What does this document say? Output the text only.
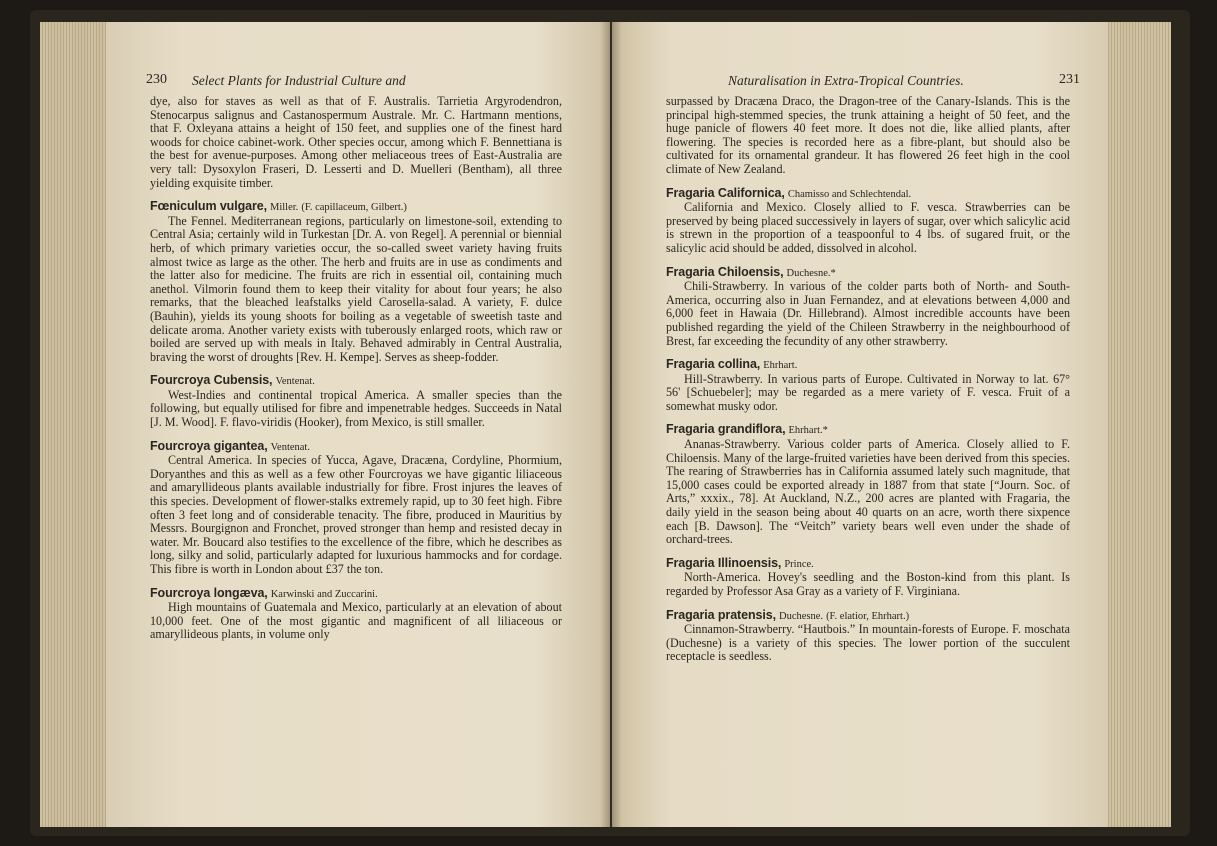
230 Select Plants for Industrial Culture and

dye, also for staves as well as that of F. Australis. Tarrietia Argyrodendron, Stenocarpus salignus and Castanospermum Australe. Mr. C. Hartmann mentions, that F. Oxleyana attains a height of 150 feet, and supplies one of the finest hard woods for choice cabinet-work. Other species occur, among which F. Bennettiana is the best for avenue-purposes. Among other meliaceous trees of East-Australia are very tall: Dysoxylon Fraseri, D. Lesserti and D. Muelleri (Bentham), all three yielding exquisite timber.

Fœniculum vulgare, Miller. (F. capillaceum, Gilbert.)

The Fennel. Mediterranean regions, particularly on limestone-soil, extending to Central Asia; certainly wild in Turkestan [Dr. A. von Regel]. A perennial or biennial herb, of which primary varieties occur, the so-called sweet variety having fruits almost twice as large as the other. The herb and fruits are in use as condiments and the latter also for medicine. The fruits are rich in essential oil, containing much anethol. Vilmorin found them to keep their vitality for about four years; he also remarks, that the bleached leafstalks yield Carosella-salad. A variety, F. dulce (Bauhin), yields its young shoots for boiling as a vegetable of sweetish taste and delicate aroma. Another variety exists with tuberously enlarged roots, which raw or boiled are served up with meals in Italy. Behaved admirably in Central Australia, braving the worst of droughts [Rev. H. Kempe]. Serves as sheep-fodder.

Fourcroya Cubensis, Ventenat.

West-Indies and continental tropical America. A smaller species than the following, but equally utilised for fibre and impenetrable hedges. Succeeds in Natal [J. M. Wood]. F. flavo-viridis (Hooker), from Mexico, is still smaller.

Fourcroya gigantea, Ventenat.

Central America. In species of Yucca, Agave, Dracæna, Cordyline, Phormium, Doryanthes and this as well as a few other Fourcroyas we have gigantic liliaceous and amaryllideous plants available industrially for fibre. Frost injures the leaves of this species. Development of flower-stalks extremely rapid, up to 30 feet high. Fibre often 3 feet long and of considerable tenacity. The fibre, produced in Mauritius by Messrs. Bourgignon and Fronchet, proved stronger than hemp and resisted decay in water. Mr. Boucard also testifies to the excellence of the fibre, which he describes as long, silky and solid, particularly adapted for luxurious hammocks and for cordage. This fibre is worth in London about £37 the ton.

Fourcroya longæva, Karwinski and Zuccarini.

High mountains of Guatemala and Mexico, particularly at an elevation of about 10,000 feet. One of the most gigantic and magnificent of all liliaceous or amaryllideous plants, in volume only

Naturalisation in Extra-Tropical Countries.	231

surpassed by Dracæna Draco, the Dragon-tree of the Canary-Islands. This is the principal high-stemmed species, the trunk attaining a height of 50 feet, and the huge panicle of flowers 40 feet more. It does not die, like allied plants, after flowering. The species is recorded here as a fibre-plant, but should also be cultivated for its ornamental grandeur. It has flowered 26 feet high in the cool climate of New Zealand.

Fragaria Californica, Chamisso and Schlechtendal.

California and Mexico. Closely allied to F. vesca. Strawberries can be preserved by being placed successively in layers of sugar, over which salicylic acid is strewn in the proportion of a teaspoonful to 4 lbs. of sugared fruit, or the salicylic acid should be added, dissolved in alcohol.

Fragaria Chiloensis, Duchesne.*

Chili-Strawberry. In various of the colder parts both of North- and South-America, occurring also in Juan Fernandez, and at elevations between 4,000 and 6,000 feet in Hawaia (Dr. Hillebrand). Almost incredible accounts have been published regarding the yield of the Chileen Strawberry in the neighbourhood of Brest, far exceeding the fecundity of any other strawberry.

Fragaria collina, Ehrhart.

Hill-Strawberry. In various parts of Europe. Cultivated in Norway to lat. 67° 56' [Schuebeler]; may be regarded as a mere variety of F. vesca. Fruit of a somewhat musky odor.

Fragaria grandiflora, Ehrhart.*

Ananas-Strawberry. Various colder parts of America. Closely allied to F. Chiloensis. Many of the large-fruited varieties have been derived from this species. The rearing of Strawberries has in California assumed lately such magnitude, that 15,000 cases could be exported already in 1887 from that state [“Journ. Soc. of Arts,” xxxix., 78]. At Auckland, N.Z., 200 acres are planted with Fragaria, the daily yield in the season being about 40 quarts on an acre, worth there sixpence each [B. Dawson]. The “Veitch” variety bears well even under the shade of orchard-trees.

Fragaria Illinoensis, Prince.

North-America. Hovey's seedling and the Boston-kind from this plant. Is regarded by Professor Asa Gray as a variety of F. Virginiana.

Fragaria pratensis, Duchesne. (F. elatior, Ehrhart.)

Cinnamon-Strawberry. “Hautbois.” In mountain-forests of Europe. F. moschata (Duchesne) is a variety of this species. The lower portion of the succulent receptacle is seedless.
